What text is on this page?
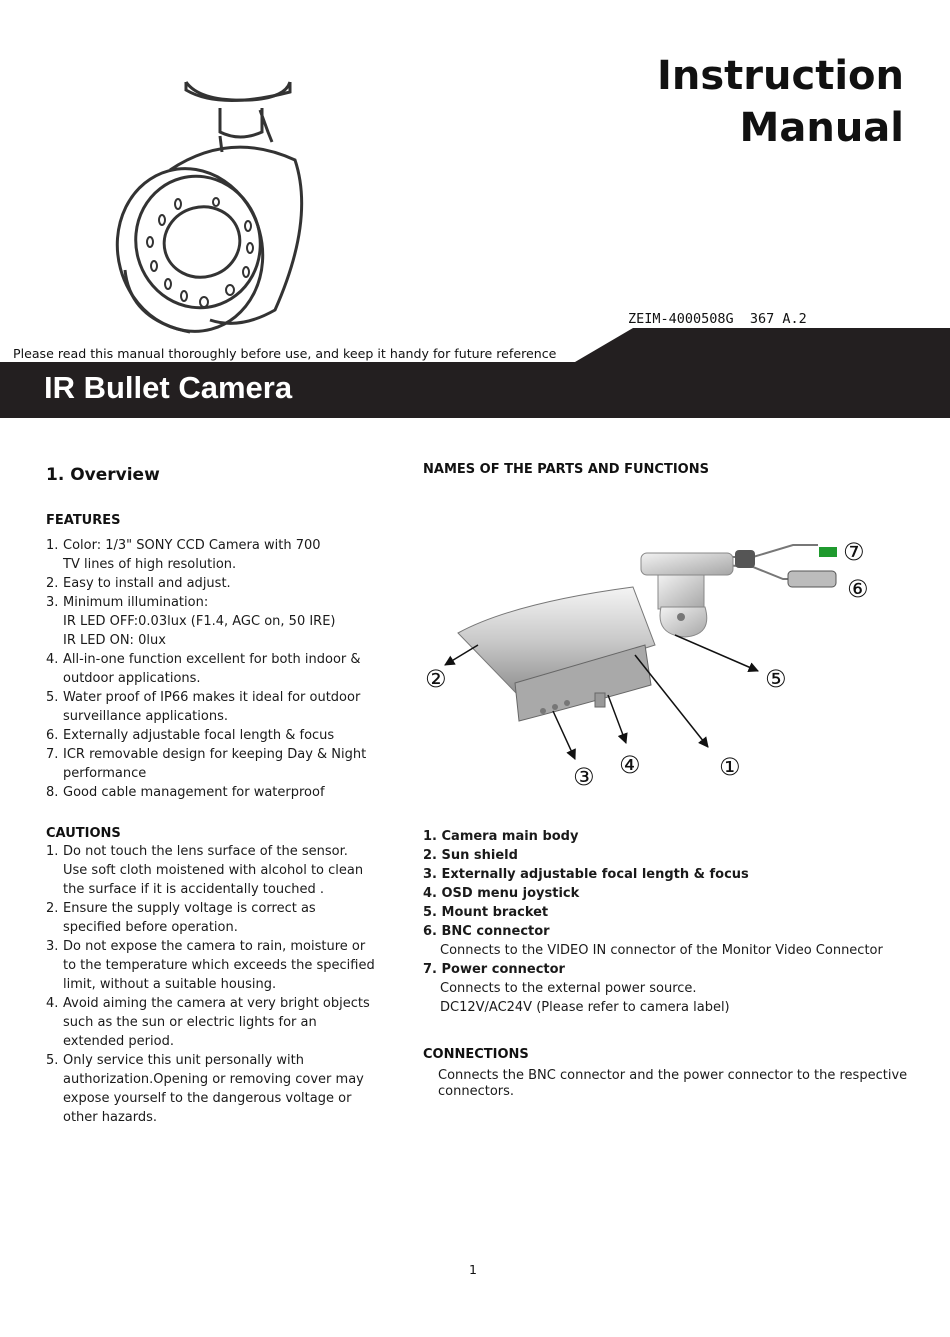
Instruction
Manual
ZEIM-4000508G  367 A.2
Please read this manual thoroughly before use, and keep it handy for future reference
IR Bullet Camera
1. Overview
FEATURES
1. Color: 1/3" SONY CCD Camera with 700
TV lines of high resolution.
2. Easy to install and adjust.
3. Minimum illumination:
IR LED OFF:0.03lux (F1.4, AGC on, 50 IRE)
IR LED ON: 0lux
4. All-in-one function excellent for both indoor &
outdoor applications.
5. Water proof of IP66 makes it ideal for outdoor
surveillance applications.
6. Externally adjustable focal length & focus
7. ICR removable design for keeping Day & Night
performance
8. Good cable management for waterproof
CAUTIONS
1. Do not touch the lens surface of the sensor.
Use soft cloth moistened with alcohol to clean
the surface if it is accidentally touched .
2. Ensure the supply voltage is correct as
specified before operation.
3. Do not expose the camera to rain, moisture or
to the temperature which exceeds the specified
limit, without a suitable housing.
4. Avoid aiming the camera at very bright objects
such as the sun or electric lights for an
extended period.
5. Only service this unit personally with
authorization.Opening or removing cover may
expose yourself to the dangerous voltage or
other hazards.
NAMES OF THE PARTS AND FUNCTIONS
①
②
③ ④
⑤
⑥
⑦
1. Camera main body
2. Sun shield
3. Externally adjustable focal length & focus
4. OSD menu joystick
5. Mount bracket
6. BNC connector
Connects to the VIDEO IN connector of the Monitor Video Connector
7. Power connector
Connects to the external power source.
DC12V/AC24V (Please refer to camera label)
CONNECTIONS
Connects the BNC connector and the power connector to the respective connectors.
1
